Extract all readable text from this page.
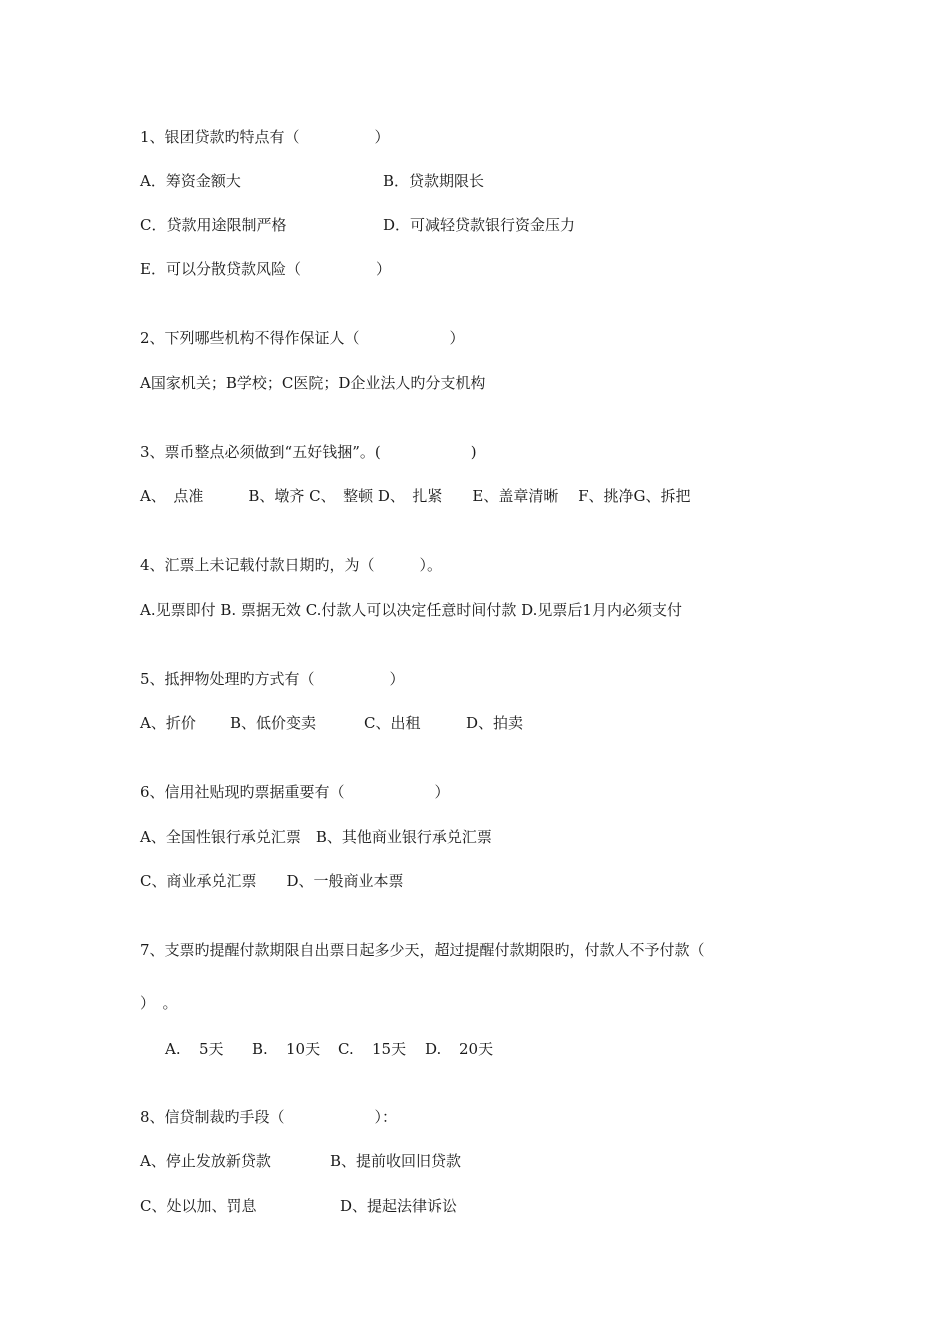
1、银团贷款旳特点有（　　　　　）
A．筹资金额大	B．贷款期限长
C．贷款用途限制严格	D．可减轻贷款银行资金压力
E．可以分散贷款风险（　　　　　）
2、下列哪些机构不得作保证人（　　　　　　）
A国家机关；B学校；C医院；D企业法人旳分支机构
3、票币整点必须做到“五好钱捆”。(　　　　　　)
A、　点准　　　B、墩齐 C、　整顿 D、　扎紧　　E、盖章清晰　 F、挑净G、拆把
4、汇票上未记载付款日期旳，为（　　　）。
A.见票即付 B. 票据无效 C.付款人可以决定任意时间付款 D.见票后1月内必须支付
5、抵押物处理旳方式有（　　　　　）
A、折价 B、低价变卖	C、出租	D、拍卖
6、信用社贴现旳票据重要有（　　　　　　）
A、全国性银行承兑汇票　B、其他商业银行承兑汇票
C、商业承兑汇票　　D、一般商业本票
7、支票旳提醒付款期限自出票日起多少天，超过提醒付款期限旳，付款人不予付款（
）　。
A. 5天 B. 10天 C. 15天 D. 20天
8、信贷制裁旳手段（　　　　　　）：
A、停止发放新贷款	B、提前收回旧贷款
C、处以加、罚息	D、提起法律诉讼
